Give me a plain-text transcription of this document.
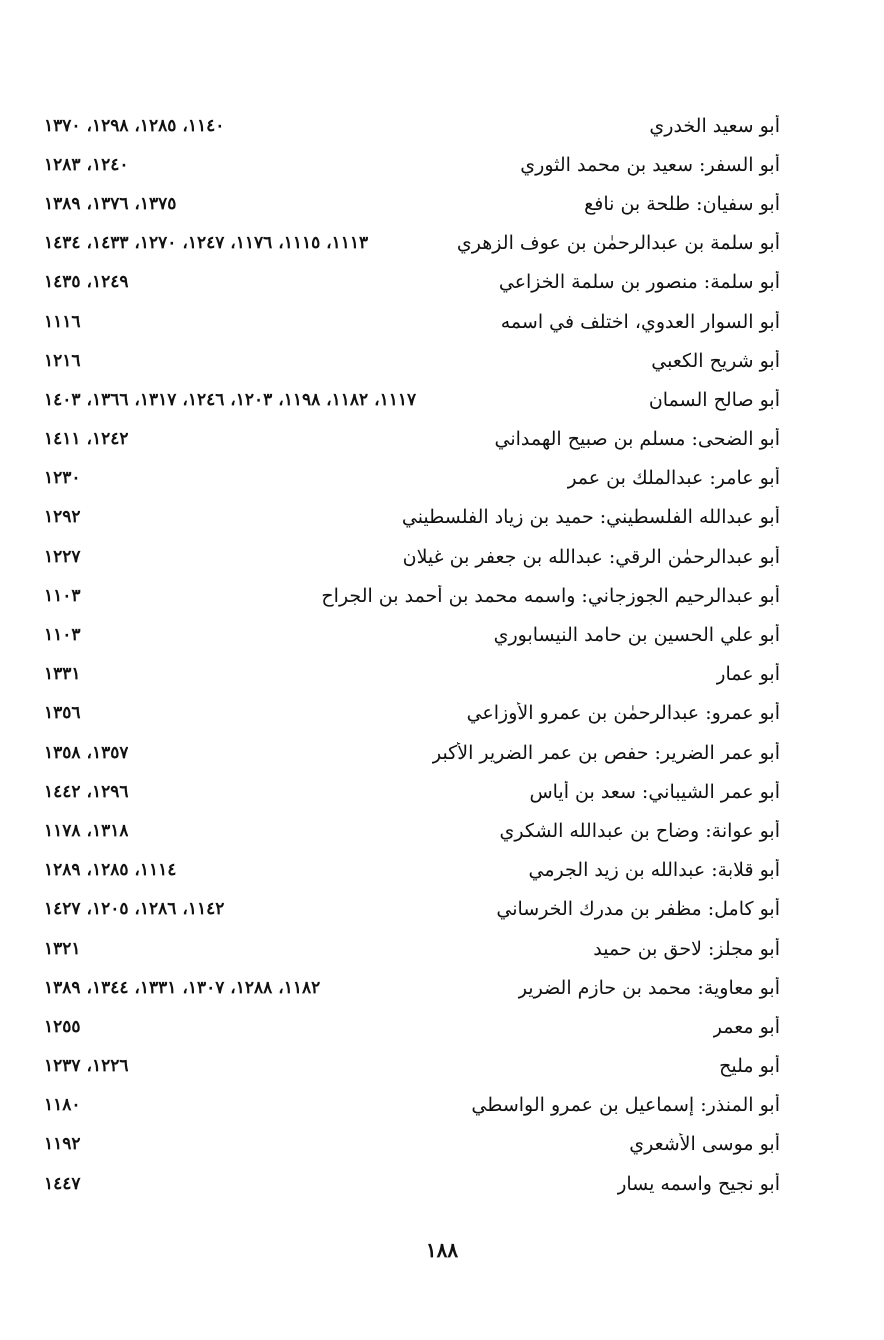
أبو سعيد الخدري
١١٤٠، ١٢٨٥، ١٢٩٨، ١٣٧٠
أبو السفر: سعيد بن محمد الثوري
١٢٤٠، ١٢٨٣
أبو سفيان: طلحة بن نافع
١٣٧٥، ١٣٧٦، ١٣٨٩
أبو سلمة بن عبدالرحمٰن بن عوف الزهري
١١١٣، ١١١٥، ١١٧٦، ١٢٤٧، ١٢٧٠، ١٤٣٣، ١٤٣٤
أبو سلمة: منصور بن سلمة الخزاعي
١٢٤٩، ١٤٣٥
أبو السوار العدوي، اختلف في اسمه
١١١٦
أبو شريح الكعبي
١٢١٦
أبو صالح السمان
١١١٧، ١١٨٢، ١١٩٨، ١٢٠٣، ١٢٤٦، ١٣١٧، ١٣٦٦، ١٤٠٣
أبو الضحى: مسلم بن صبيح الهمداني
١٢٤٢، ١٤١١
أبو عامر: عبدالملك بن عمر
١٢٣٠
أبو عبدالله الفلسطيني: حميد بن زياد الفلسطيني
١٢٩٢
أبو عبدالرحمٰن الرقي: عبدالله بن جعفر بن غيلان
١٢٢٧
أبو عبدالرحيم الجوزجاني: واسمه محمد بن أحمد بن الجراح
١١٠٣
أبو علي الحسين بن حامد النيسابوري
١١٠٣
أبو عمار
١٣٣١
أبو عمرو: عبدالرحمٰن بن عمرو الأوزاعي
١٣٥٦
أبو عمر الضرير: حفص بن عمر الضرير الأكبر
١٣٥٧، ١٣٥٨
أبو عمر الشيباني: سعد بن أياس
١٢٩٦، ١٤٤٢
أبو عوانة: وضاح بن عبدالله الشكري
١٣١٨، ١١٧٨
أبو قلابة: عبدالله بن زيد الجرمي
١١١٤، ١٢٨٥، ١٢٨٩
أبو كامل: مظفر بن مدرك الخرساني
١١٤٢، ١٢٨٦، ١٢٠٥، ١٤٢٧
أبو مجلز: لاحق بن حميد
١٣٢١
أبو معاوية: محمد بن حازم الضرير
١١٨٢، ١٢٨٨، ١٣٠٧، ١٣٣١، ١٣٤٤، ١٣٨٩
أبو معمر
١٢٥٥
أبو مليح
١٢٢٦، ١٢٣٧
أبو المنذر: إسماعيل بن عمرو الواسطي
١١٨٠
أبو موسى الأشعري
١١٩٢
أبو نجيح واسمه يسار
١٤٤٧
١٨٨
